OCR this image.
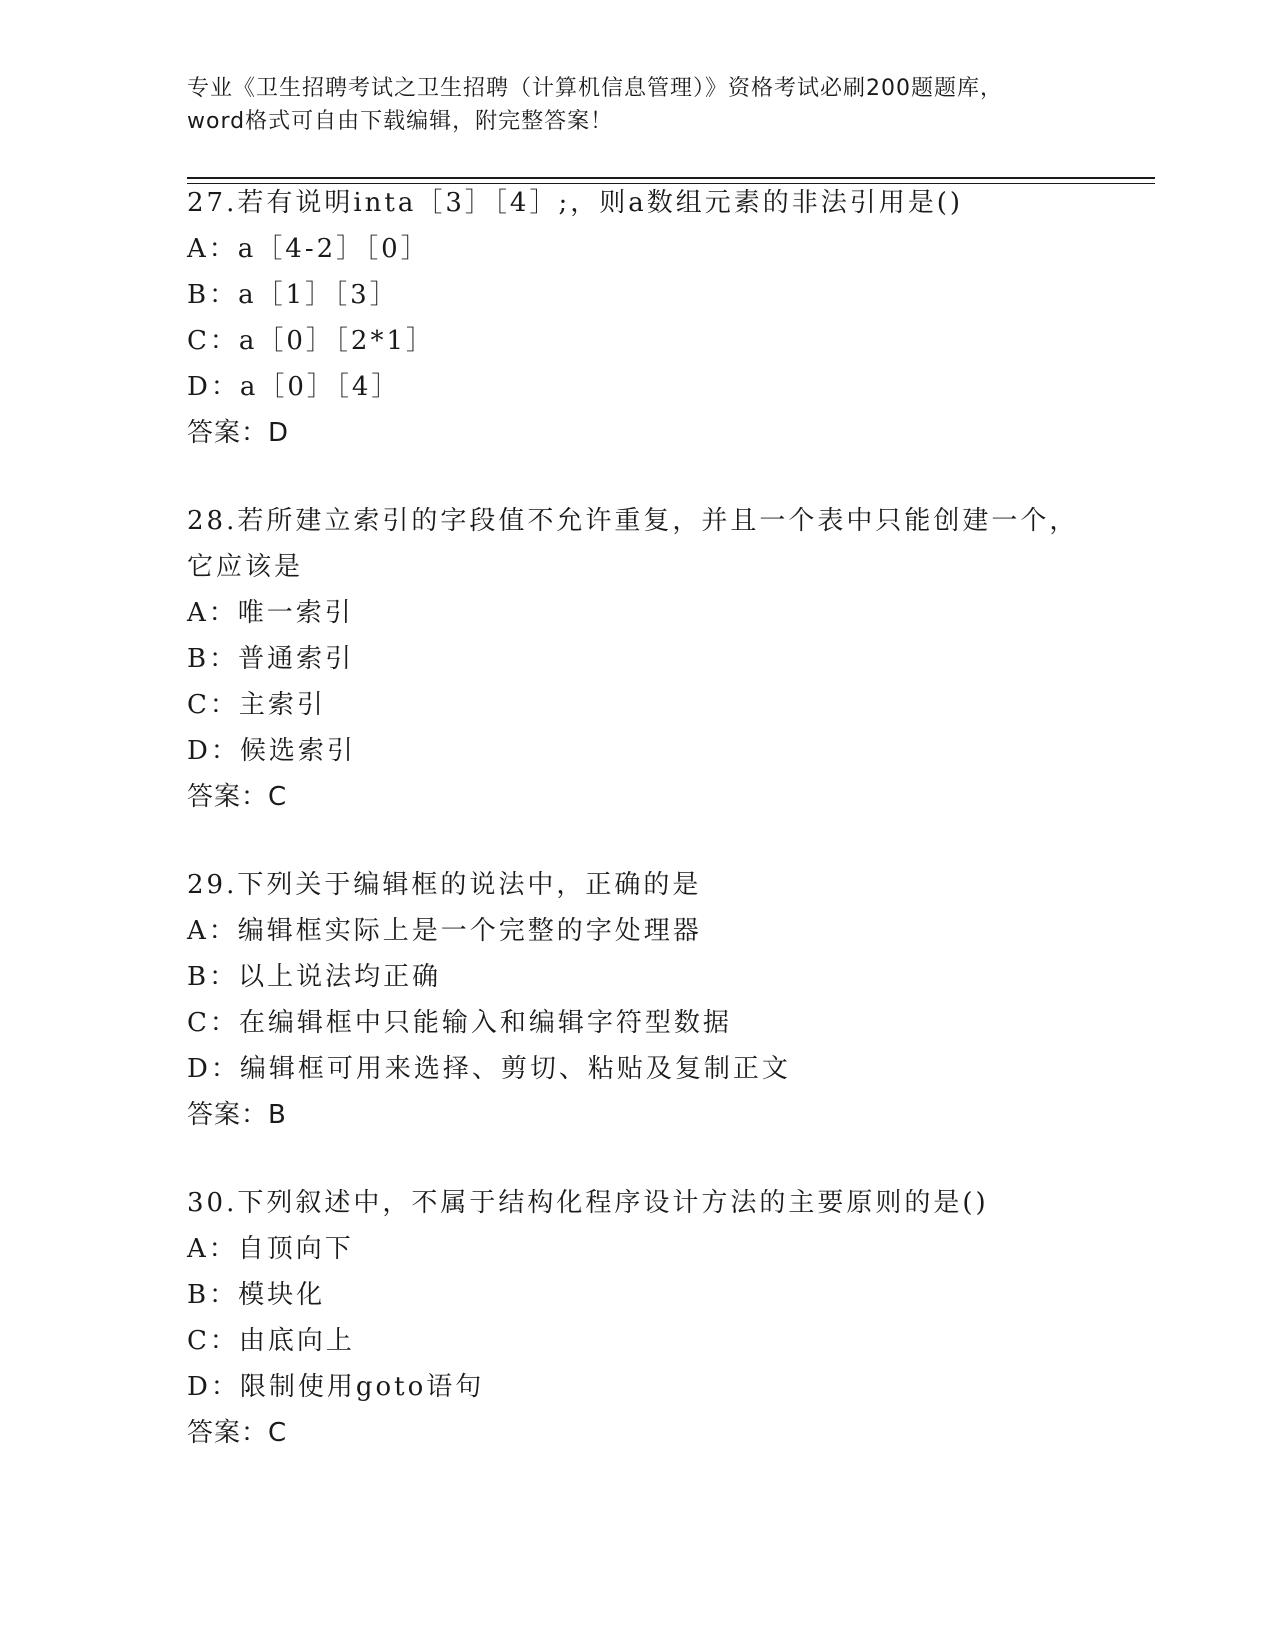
专业《卫生招聘考试之卫生招聘（计算机信息管理）》资格考试必刷200题题库，
word格式可自由下载编辑，附完整答案！
27.若有说明inta［3］［4］;，则a数组元素的非法引用是()
A：a［4-2］［0］
B：a［1］［3］
C：a［0］［2*1］
D：a［0］［4］
答案：D
28.若所建立索引的字段值不允许重复，并且一个表中只能创建一个，
它应该是
A：唯一索引
B：普通索引
C：主索引
D：候选索引
答案：C
29.下列关于编辑框的说法中，正确的是
A：编辑框实际上是一个完整的字处理器
B：以上说法均正确
C：在编辑框中只能输入和编辑字符型数据
D：编辑框可用来选择、剪切、粘贴及复制正文
答案：B
30.下列叙述中，不属于结构化程序设计方法的主要原则的是()
A：自顶向下
B：模块化
C：由底向上
D：限制使用goto语句
答案：C
